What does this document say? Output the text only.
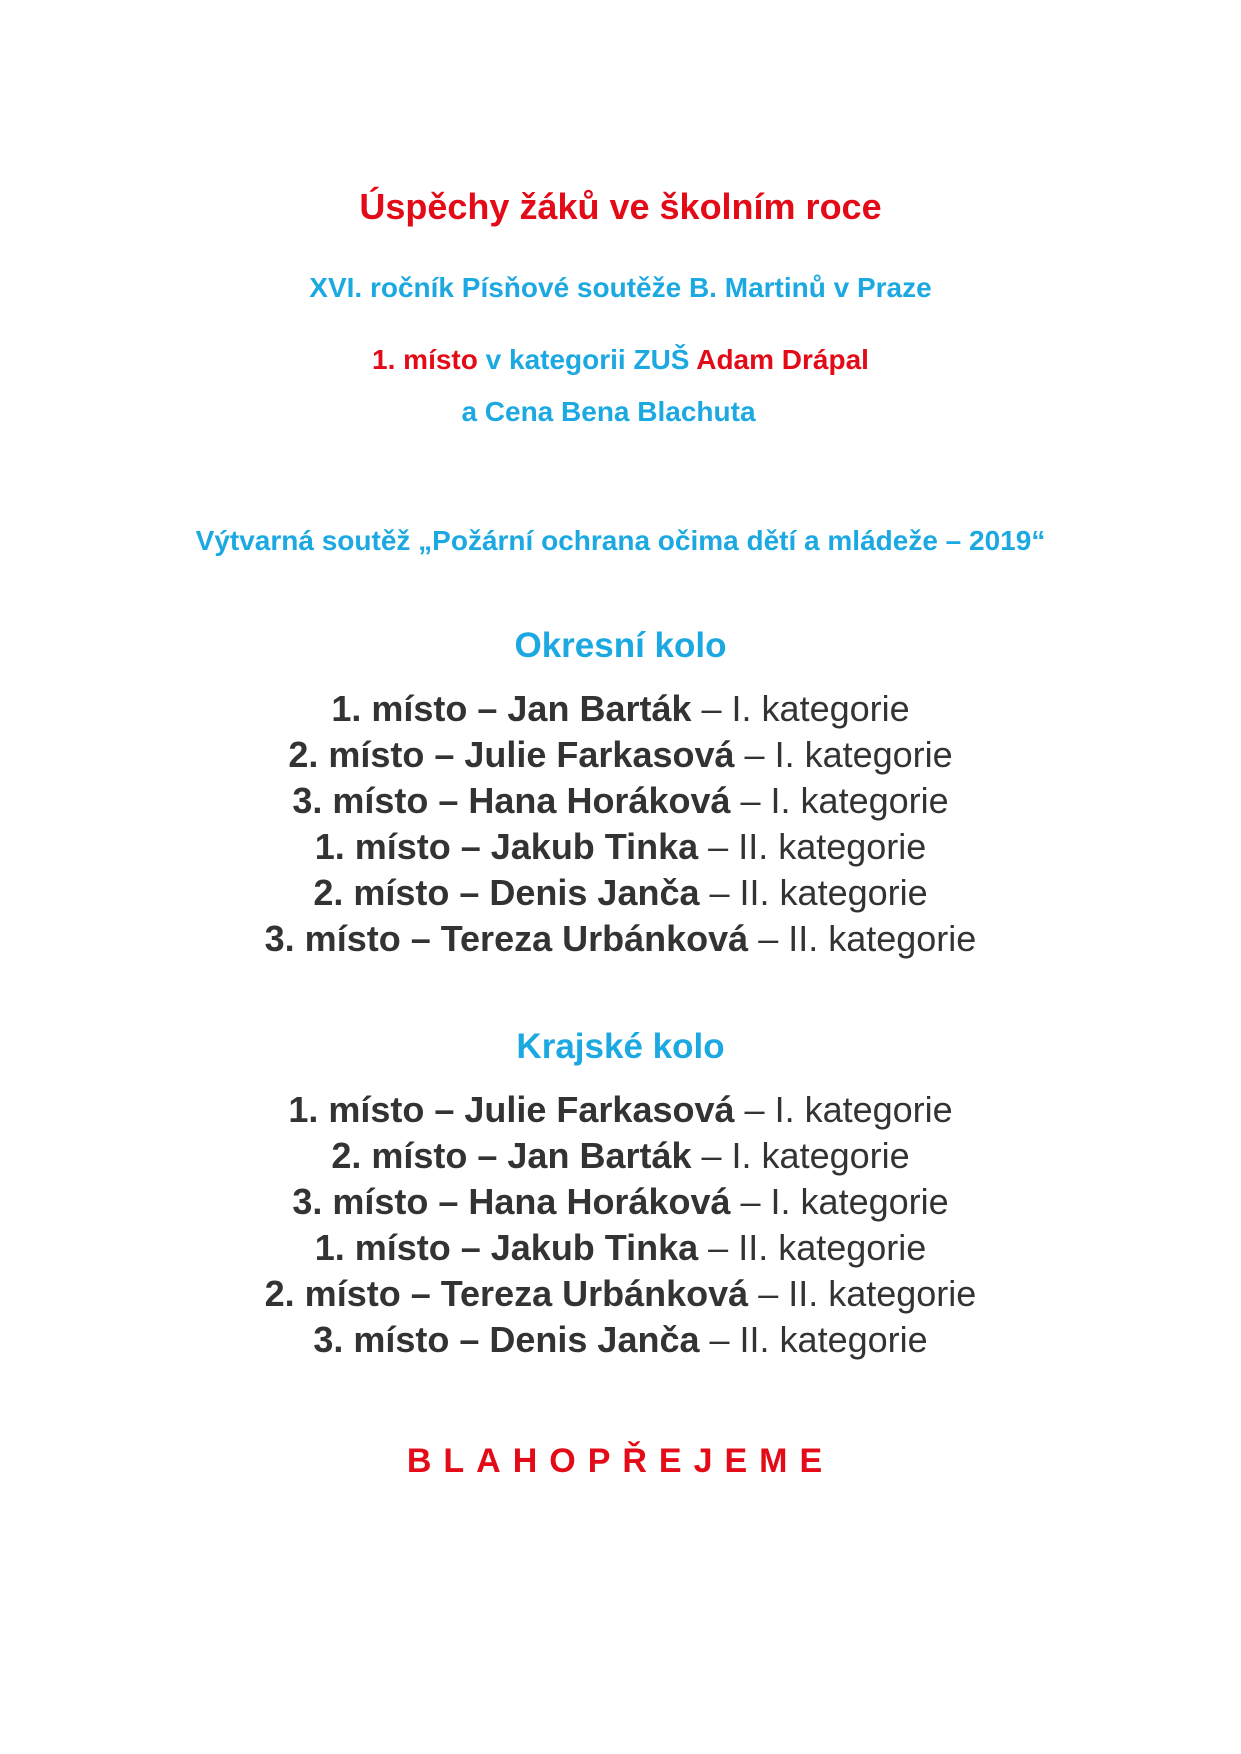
Úspěchy žáků ve školním roce
XVI. ročník Písňové soutěže B. Martinů v Praze
1. místo v kategorii ZUŠ Adam Drápal
a Cena Bena Blachuta
Výtvarná soutěž „Požární ochrana očima dětí a mládeže – 2019“
Okresní kolo
1. místo – Jan Barták – I. kategorie
2. místo – Julie Farkasová – I. kategorie
3. místo – Hana Horáková – I. kategorie
1. místo – Jakub Tinka – II. kategorie
2. místo – Denis Janča – II. kategorie
3. místo – Tereza Urbánková – II. kategorie
Krajské kolo
1. místo – Julie Farkasová – I. kategorie
2. místo – Jan Barták – I. kategorie
3. místo – Hana Horáková – I. kategorie
1. místo – Jakub Tinka – II. kategorie
2. místo – Tereza Urbánková – II. kategorie
3. místo – Denis Janča – II. kategorie
BLAHOPŘEJEME
